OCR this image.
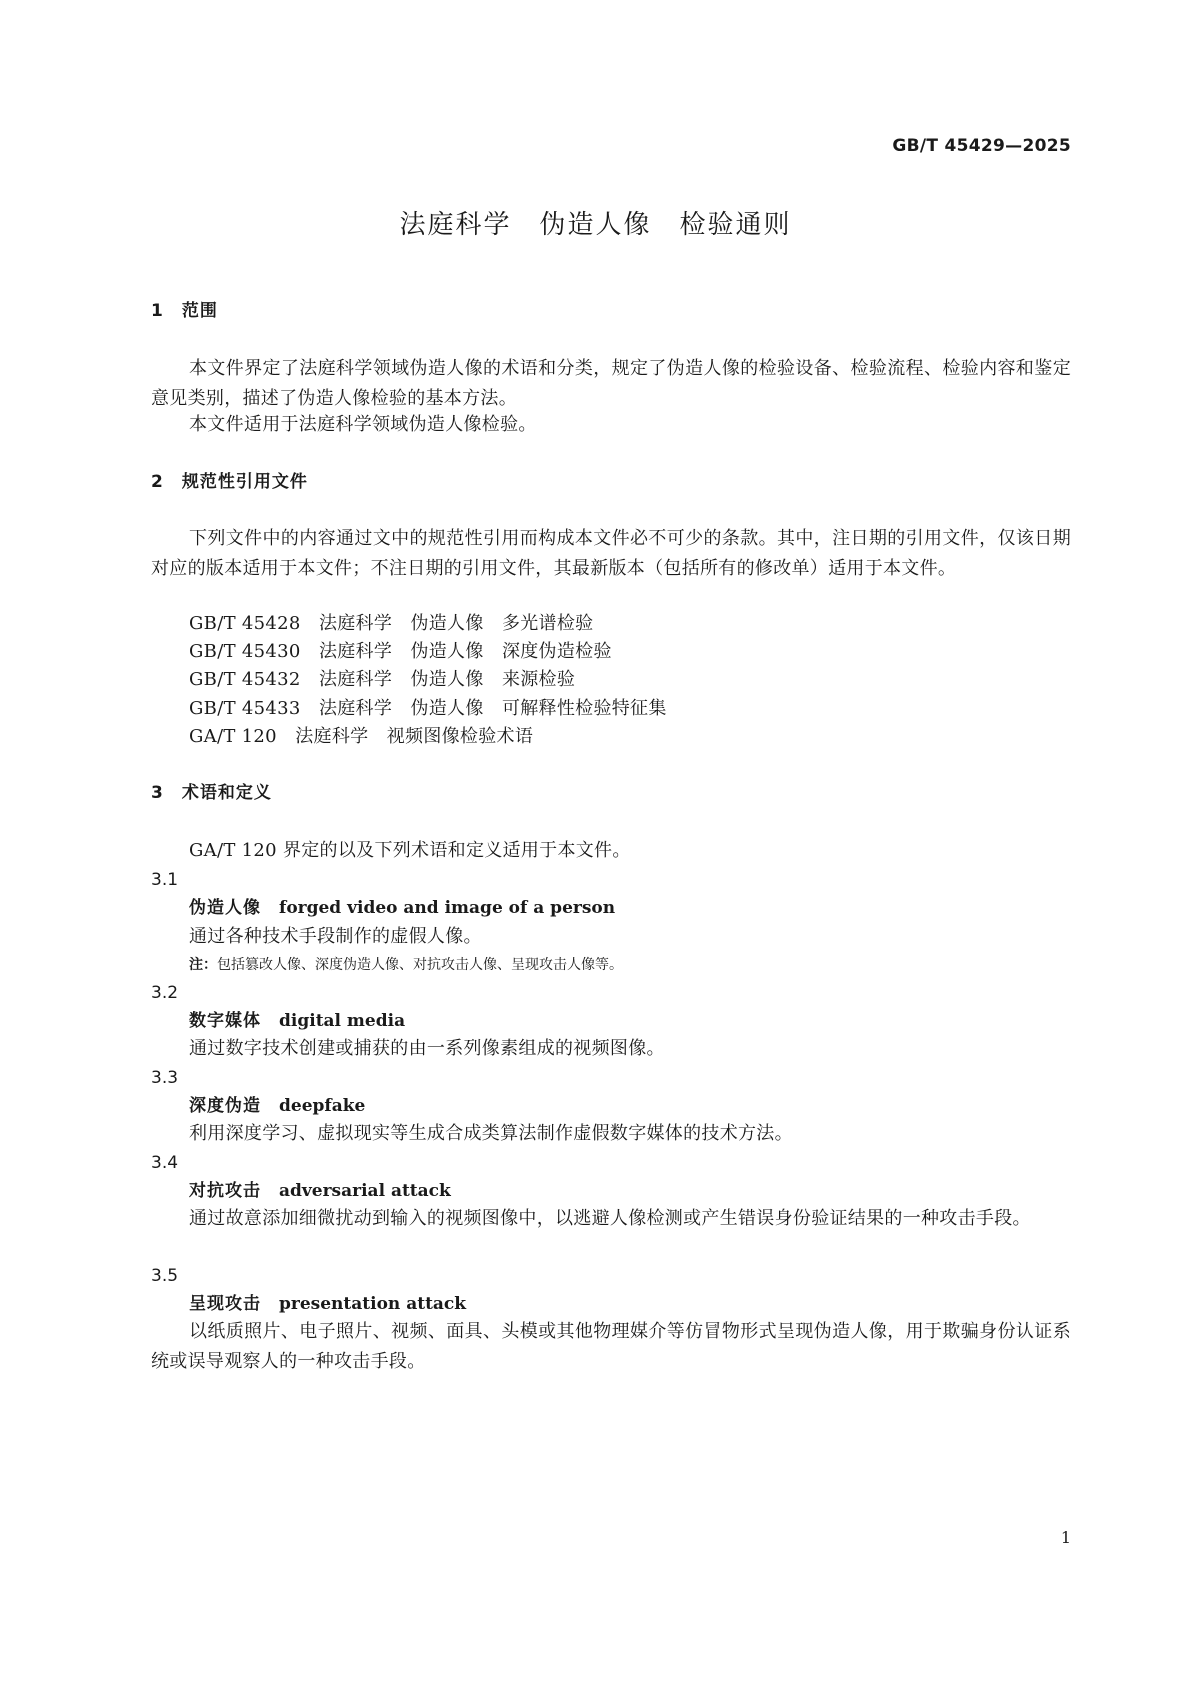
GB/T 45429—2025
法庭科学　伪造人像　检验通则
1　范围
本文件界定了法庭科学领域伪造人像的术语和分类，规定了伪造人像的检验设备、检验流程、检验内容和鉴定意见类别，描述了伪造人像检验的基本方法。
本文件适用于法庭科学领域伪造人像检验。
2　规范性引用文件
下列文件中的内容通过文中的规范性引用而构成本文件必不可少的条款。其中，注日期的引用文件，仅该日期对应的版本适用于本文件；不注日期的引用文件，其最新版本（包括所有的修改单）适用于本文件。
GB/T 45428　法庭科学　伪造人像　多光谱检验
GB/T 45430　法庭科学　伪造人像　深度伪造检验
GB/T 45432　法庭科学　伪造人像　来源检验
GB/T 45433　法庭科学　伪造人像　可解释性检验特征集
GA/T 120　法庭科学　视频图像检验术语
3　术语和定义
GA/T 120 界定的以及下列术语和定义适用于本文件。
3.1
伪造人像 forged video and image of a person
通过各种技术手段制作的虚假人像。
注：包括篡改人像、深度伪造人像、对抗攻击人像、呈现攻击人像等。
3.2
数字媒体 digital media
通过数字技术创建或捕获的由一系列像素组成的视频图像。
3.3
深度伪造 deepfake
利用深度学习、虚拟现实等生成合成类算法制作虚假数字媒体的技术方法。
3.4
对抗攻击 adversarial attack
通过故意添加细微扰动到输入的视频图像中，以逃避人像检测或产生错误身份验证结果的一种攻击手段。
3.5
呈现攻击 presentation attack
以纸质照片、电子照片、视频、面具、头模或其他物理媒介等仿冒物形式呈现伪造人像，用于欺骗身份认证系统或误导观察人的一种攻击手段。
1
